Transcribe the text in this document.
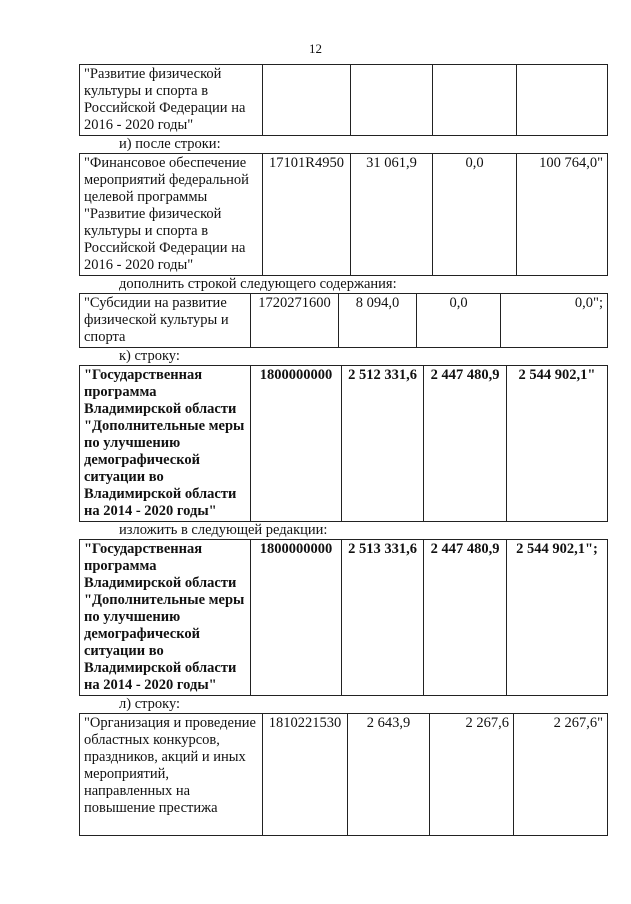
12
"Развитие физической культуры и спорта в Российской Федерации на 2016 - 2020 годы"				
и) после строки:
"Финансовое обеспечение мероприятий федеральной целевой программы "Развитие физической культуры и спорта в Российской Федерации на 2016 - 2020 годы"	17101R4950	31 061,9	0,0	100 764,0"
дополнить строкой следующего содержания:
"Субсидии на развитие физической культуры и спорта	1720271600	8 094,0	0,0	0,0";
к) строку:
"Государственная программа Владимирской области "Дополнительные меры по улучшению демографической ситуации во Владимирской области на 2014 - 2020 годы"	1800000000	2 512 331,6	2 447 480,9	2 544 902,1"
изложить в следующей редакции:
"Государственная программа Владимирской области "Дополнительные меры по улучшению демографической ситуации во Владимирской области на 2014 - 2020 годы"	1800000000	2 513 331,6	2 447 480,9	2 544 902,1";
л) строку:
"Организация и проведение областных конкурсов, праздников, акций и иных мероприятий, направленных на повышение престижа	1810221530	2 643,9	2 267,6	2 267,6"
